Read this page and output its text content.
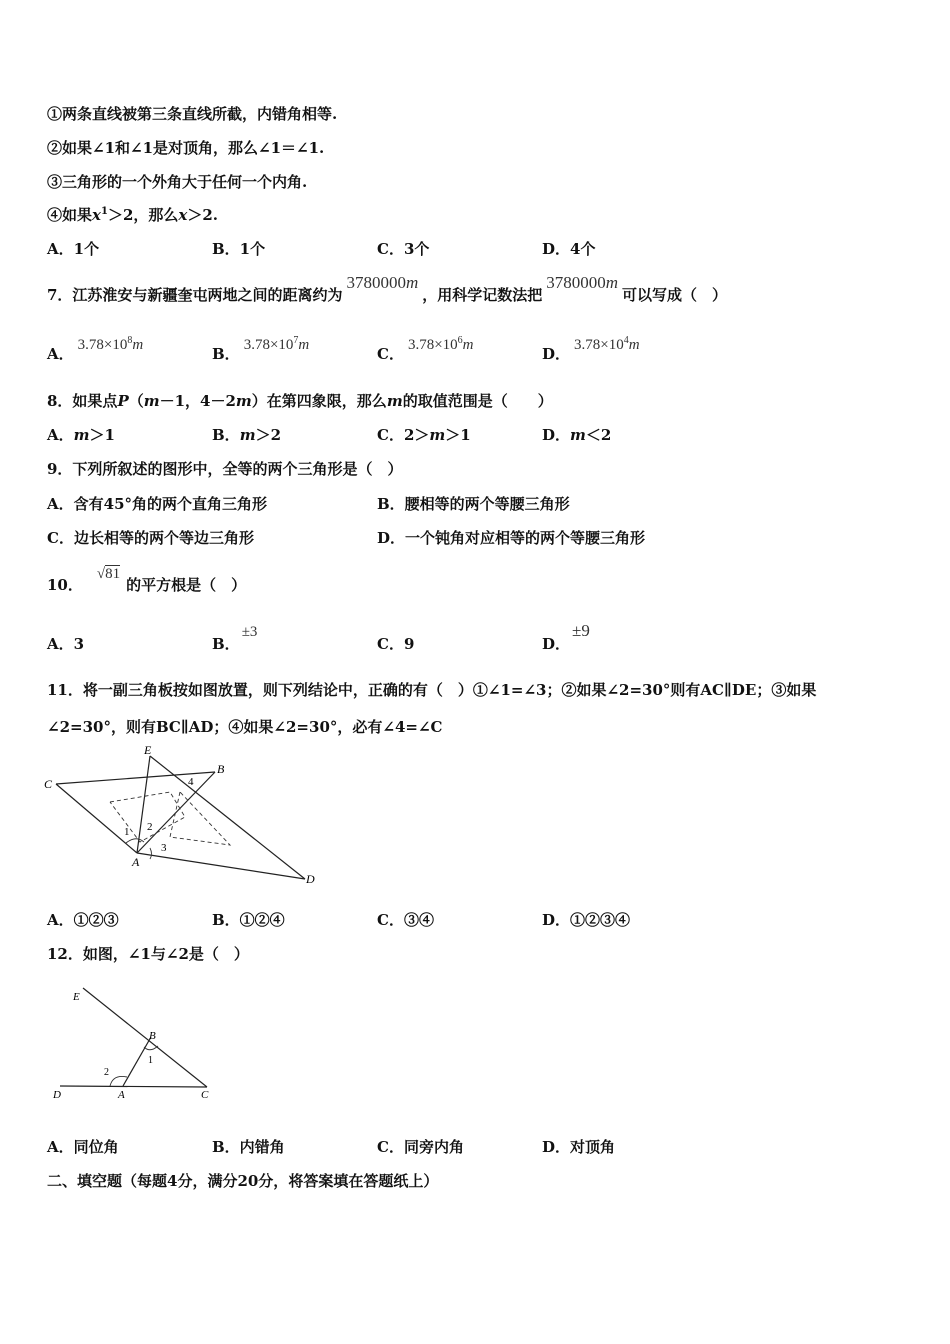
①两条直线被第三条直线所截，内错角相等.
②如果∠1和∠1是对顶角，那么∠1＝∠1.
③三角形的一个外角大于任何一个内角.
④如果$x^1>2$，那么x＞2.
A．1个	B．1个	C．3个	D．4个
7．江苏淮安与新疆奎屯两地之间的距离约为3780000m，用科学记数法把3780000m可以写成（　）
A． $3.78\times 10^8m$	B． $3.78\times 10^7m$	C． $3.78\times 10^6m$	D． $3.78\times 10^4m$
8．如果点P（m－1，4－2m）在第四象限，那么m的取值范围是（　　）
A．m＞1	B．m＞2	C．2＞m＞1	D．m＜2
9．下列所叙述的图形中，全等的两个三角形是（　）
A．含有45°角的两个直角三角形	B．腰相等的两个等腰三角形
C．边长相等的两个等边三角形	D．一个钝角对应相等的两个等腰三角形
10．√81的平方根是（　）
A．3	B．±3
C．9	D．±9
11．将一副三角板按如图放置，则下列结论中，正确的有（　）①∠1=∠3；②如果∠2=30°则有AC∥DE；③如果
∠2=30°，则有BC∥AD；④如果∠2=30°，必有∠4=∠C
E
B
C
A
D
1 2
3
4
A．①②③	B．①②④	C．③④	D．①②③④
12．如图，∠1与∠2是（　）
E
B
1
2
D	A	C
A．同位角	B．内错角	C．同旁内角	D．对顶角
二、填空题（每题4分，满分20分，将答案填在答题纸上）
